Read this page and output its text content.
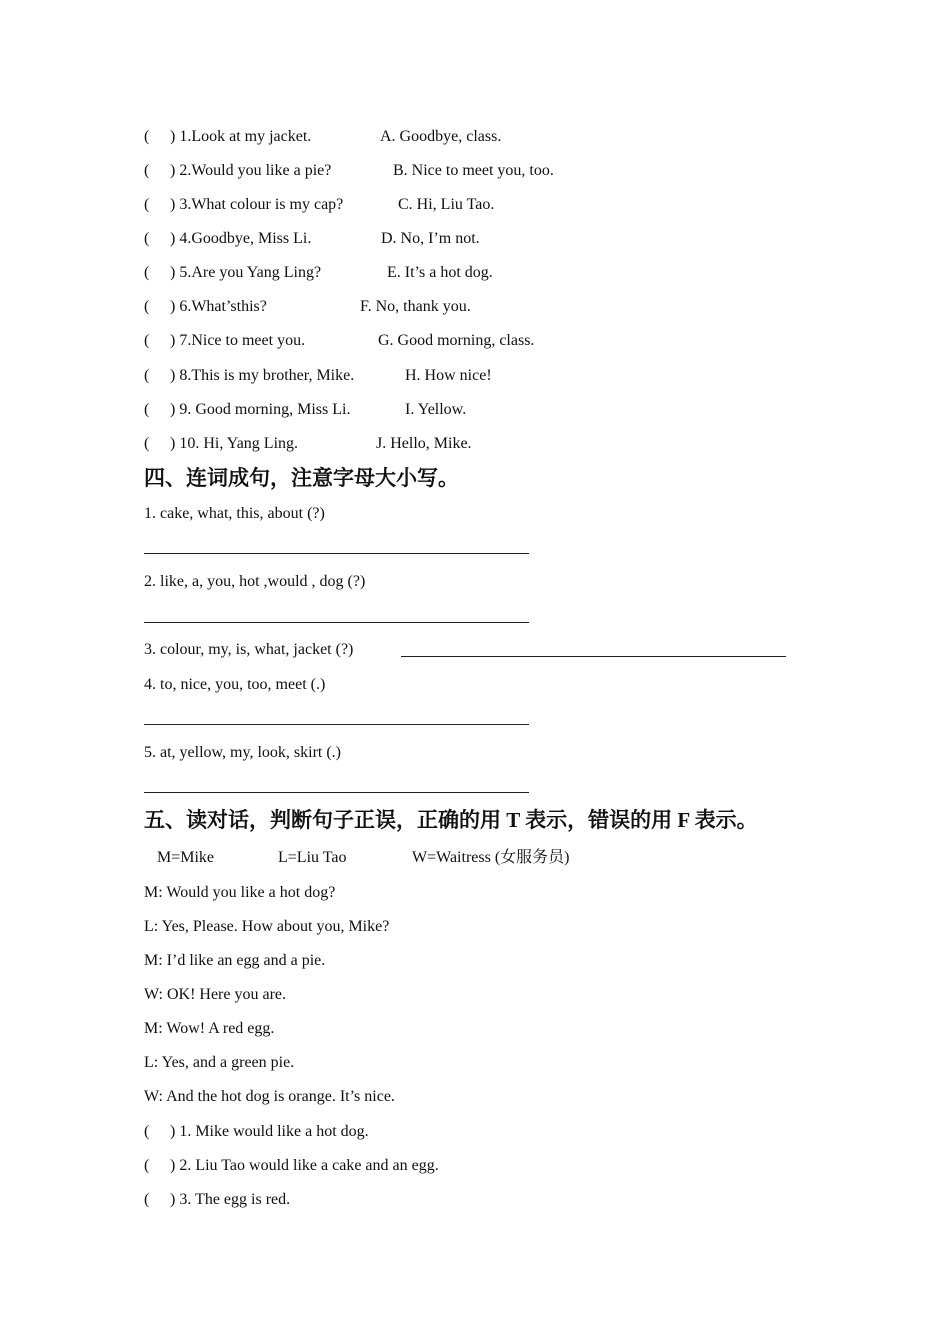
( ) 1.Look at my jacket.	A. Goodbye, class.
( ) 2.Would you like a pie?	B. Nice to meet you, too.
( ) 3.What colour is my cap?	C. Hi, Liu Tao.
( ) 4.Goodbye, Miss Li.	D. No, I’m not.
( ) 5.Are you Yang Ling?	E. It’s a hot dog.
( ) 6.What’sthis?	F. No, thank you.
( ) 7.Nice to meet you.	G. Good morning, class.
( ) 8.This is my brother, Mike.	H. How nice!
( ) 9. Good morning, Miss Li.	I. Yellow.
( ) 10. Hi, Yang Ling.	J. Hello, Mike.
四、连词成句，注意字母大小写。
1. cake, what, this, about (?)
2. like, a, you, hot ,would , dog (?)
3. colour, my, is, what, jacket (?)
4. to, nice, you, too, meet (.)
5. at, yellow, my, look, skirt (.)
五、读对话，判断句子正误，正确的用 T 表示，错误的用 F 表示。
M=Mike	L=Liu Tao	W=Waitress (女服务员)
M: Would you like a hot dog?
L: Yes, Please. How about you, Mike?
M: I’d like an egg and a pie.
W: OK! Here you are.
M: Wow! A red egg.
L: Yes, and a green pie.
W: And the hot dog is orange. It’s nice.
( ) 1. Mike would like a hot dog.
( ) 2. Liu Tao would like a cake and an egg.
( ) 3. The egg is red.
